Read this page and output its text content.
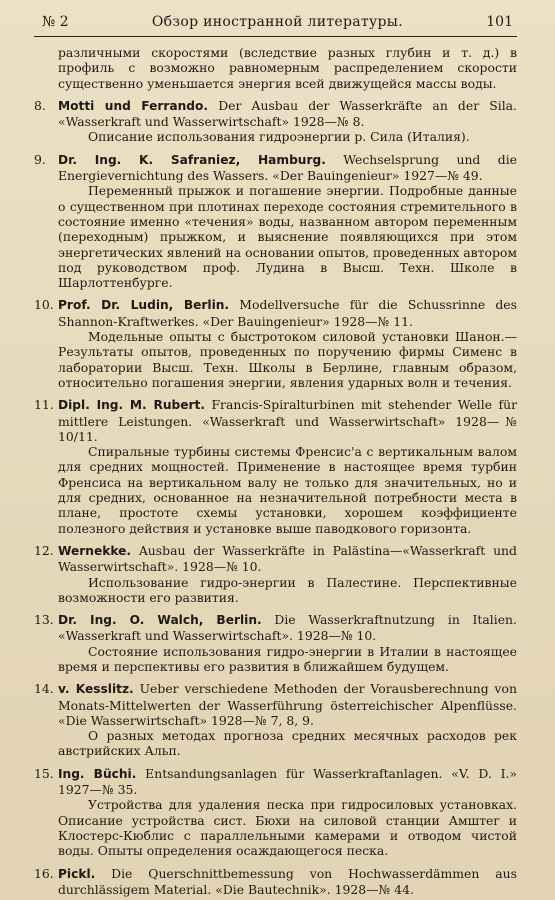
№ 2	Обзор иностранной литературы.	101
различными скоростями (вследствие разных глубин и т. д.) в профиль с возможно равномерным распределением скорости существенно уменьшается энергия всей движущейся массы воды.
8. Motti und Ferrando. Der Ausbau der Wasserkräfte an der Sila. «Wasserkraft und Wasserwirtschaft» 1928—№ 8.
Описание использования гидроэнергии р. Сила (Италия).
9. Dr. Ing. K. Safraniez, Hamburg. Wechselsprung und die Energievernichtung des Wassers. «Der Bauingenieur» 1927—№ 49.
Переменный прыжок и погашение энергии. Подробные данные о существенном при плотинах переходе состояния стремительного в состояние именно «течения» воды, названном автором переменным (переходным) прыжком, и выяснение появляющихся при этом энергетических явлений на основании опытов, проведенных автором под руководством проф. Лудина в Высш. Техн. Школе в Шарлоттенбурге.
10. Prof. Dr. Ludin, Berlin. Modellversuche für die Schussrinne des Shannon-Kraftwerkes. «Der Bauingenieur» 1928—№ 11.
Модельные опыты с быстротоком силовой установки Шанон.— Результаты опытов, проведенных по поручению фирмы Сименс в лаборатории Высш. Техн. Школы в Берлине, главным образом, относительно погашения энергии, явления ударных волн и течения.
11. Dipl. Ing. M. Rubert. Francis-Spiralturbinen mit stehender Welle für mittlere Leistungen. «Wasserkraft und Wasserwirtschaft» 1928—№ 10/11.
Спиральные турбины системы Френсис'а с вертикальным валом для средних мощностей. Применение в настоящее время турбин Френсиса на вертикальном валу не только для значительных, но и для средних, основанное на незначительной потребности места в плане, простоте схемы установки, хорошем коэффициенте полезного действия и установке выше паводкового горизонта.
12. Wernekke. Ausbau der Wasserkräfte in Palästina—«Wasserkraft und Wasserwirtschaft». 1928—№ 10.
Использование гидро-энергии в Палестине. Перспективные возможности его развития.
13. Dr. Ing. O. Walch, Berlin. Die Wasserkraftnutzung in Italien. «Wasserkraft und Wasserwirtschaft». 1928—№ 10.
Состояние использования гидро-энергии в Италии в настоящее время и перспективы его развития в ближайшем будущем.
14. v. Kesslitz. Ueber verschiedene Methoden der Vorausberechnung von Monats-Mittelwerten der Wasserführung österreichischer Alpenflüsse. «Die Wasserwirtschaft» 1928—№ 7, 8, 9.
О разных методах прогноза средних месячных расходов рек австрийских Альп.
15. Ing. Büchi. Entsandungsanlagen für Wasserkraftanlagen. «V. D. I.» 1927—№ 35.
Устройства для удаления песка при гидросиловых установках. Описание устройства сист. Бюхи на силовой станции Амштег и Клостерс-Кюблис с параллельными камерами и отводом чистой воды. Опыты определения осаждающегося песка.
16. Pickl. Die Querschnittbemessung von Hochwasserdämmen aus durchlässigem Material. «Die Bautechnik». 1928—№ 44.
